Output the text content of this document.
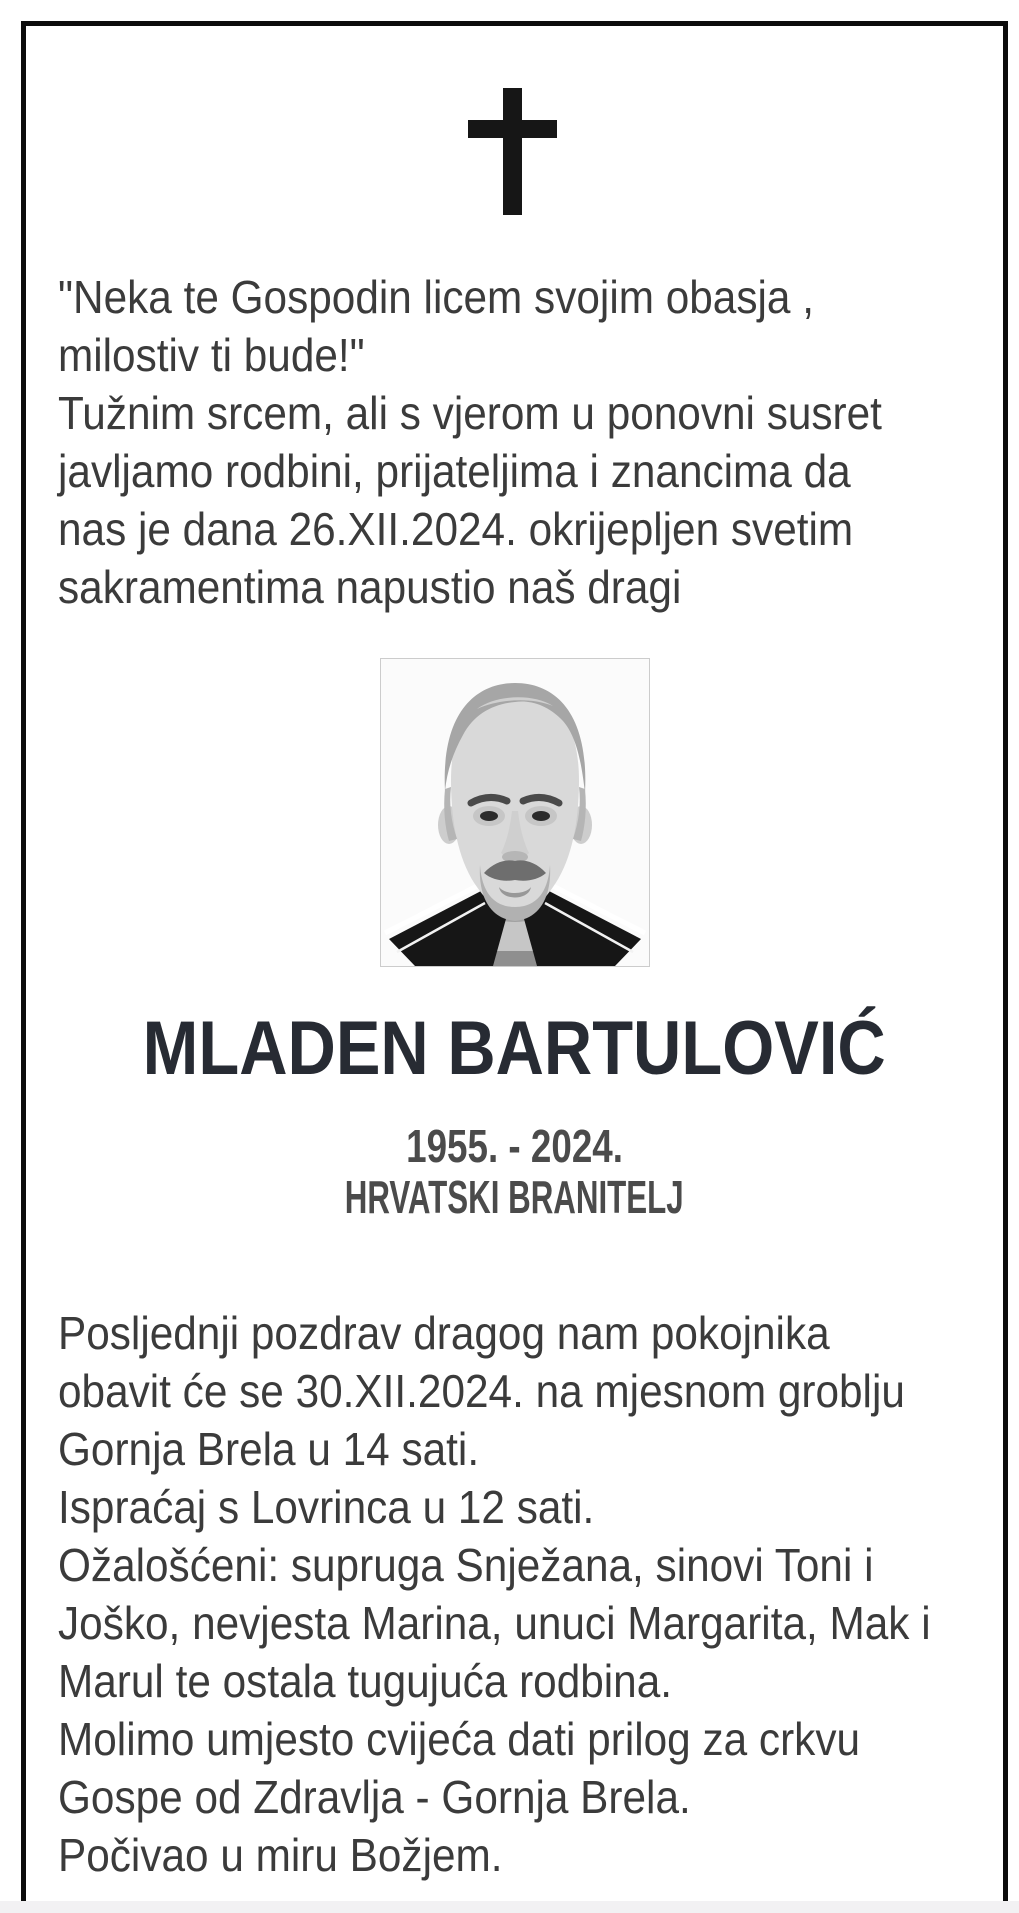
"Neka te Gospodin licem svojim obasja ,
milostiv ti bude!"
Tužnim srcem, ali s vjerom u ponovni susret
javljamo rodbini, prijateljima i znancima da
nas je dana 26.XII.2024. okrijepljen svetim
sakramentima napustio naš dragi
MLADEN BARTULOVIĆ
1955. - 2024.
HRVATSKI BRANITELJ
Posljednji pozdrav dragog nam pokojnika
obavit će se 30.XII.2024. na mjesnom groblju
Gornja Brela u 14 sati.
Ispraćaj s Lovrinca u 12 sati.
Ožalošćeni: supruga Snježana, sinovi Toni i
Joško, nevjesta Marina, unuci Margarita, Mak i
Marul te ostala tugujuća rodbina.
Molimo umjesto cvijeća dati prilog za crkvu
Gospe od Zdravlja - Gornja Brela.
Počivao u miru Božjem.
